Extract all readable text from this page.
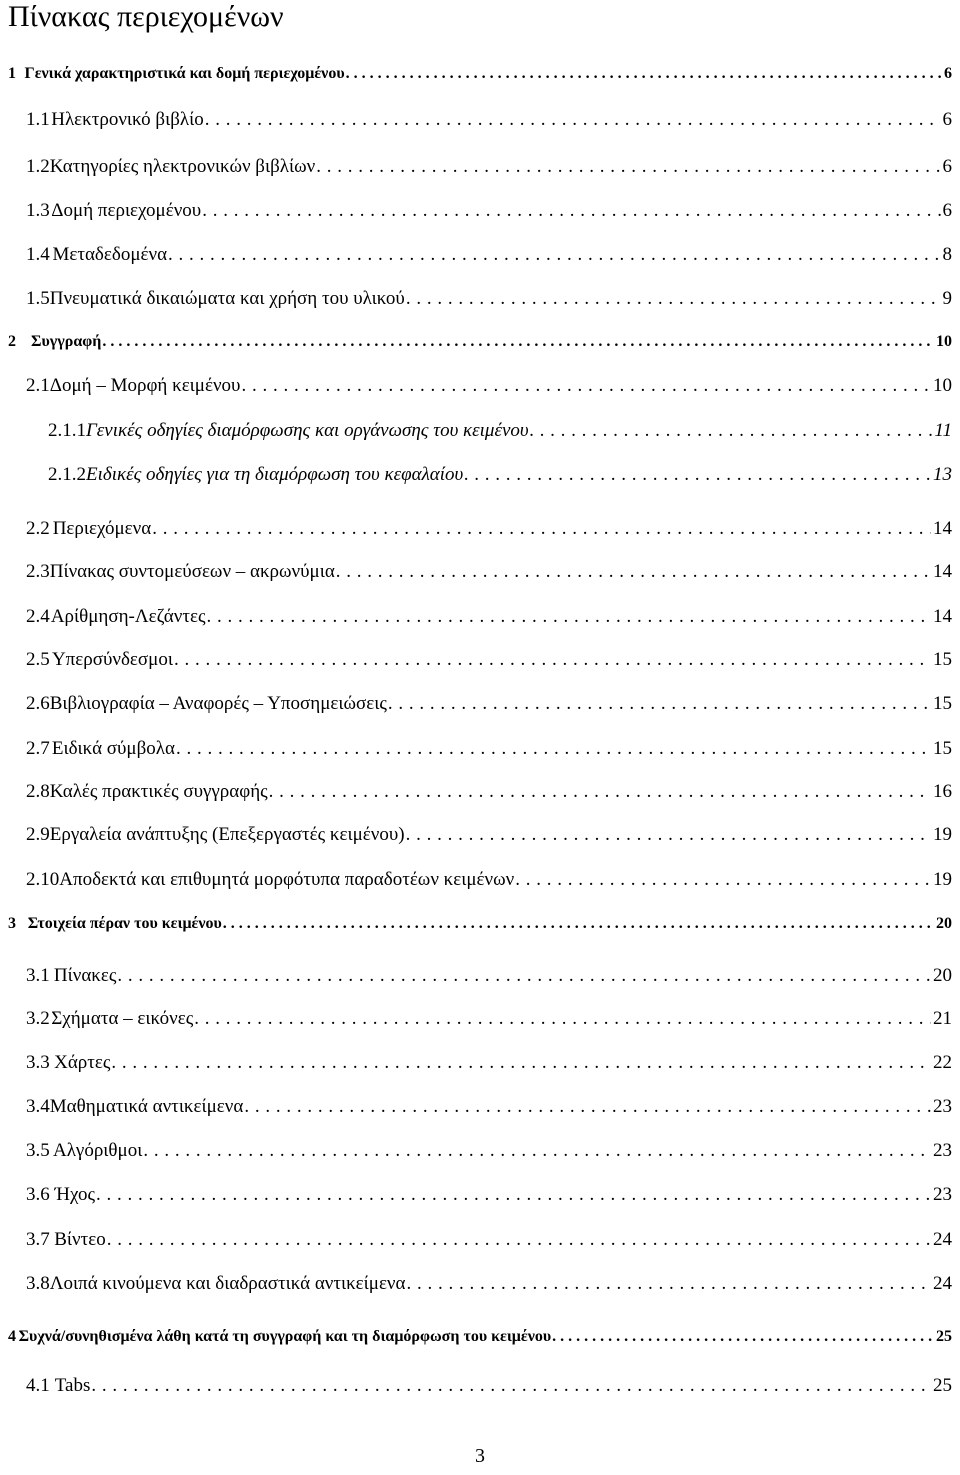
Πίνακας περιεχομένων
1 Γενικά χαρακτηριστικά και δομή περιεχομένου . . .	6
1.1 Ηλεκτρονικό βιβλίο . . .	6
1.2 Κατηγορίες ηλεκτρονικών βιβλίων . . .	6
1.3 Δομή περιεχομένου . . .	6
1.4 Μεταδεδομένα . . .	8
1.5 Πνευματικά δικαιώματα και χρήση του υλικού . . .	9
2 Συγγραφή . . .	10
2.1 Δομή – Μορφή κειμένου . . .	10
2.1.1 Γενικές οδηγίες διαμόρφωσης και οργάνωσης του κειμένου . . .	11
2.1.2 Ειδικές οδηγίες για τη διαμόρφωση του κεφαλαίου . . .	13
2.2 Περιεχόμενα . . .	14
2.3 Πίνακας συντομεύσεων – ακρωνύμια . . .	14
2.4 Αρίθμηση-Λεζάντες . . .	14
2.5 Υπερσύνδεσμοι . . .	15
2.6 Βιβλιογραφία – Αναφορές – Υποσημειώσεις . . .	15
2.7 Ειδικά σύμβολα . . .	15
2.8 Καλές πρακτικές συγγραφής . . .	16
2.9 Εργαλεία ανάπτυξης (Επεξεργαστές κειμένου) . . .	19
2.10 Αποδεκτά και επιθυμητά μορφότυπα παραδοτέων κειμένων . . .	19
3 Στοιχεία πέραν του κειμένου . . .	20
3.1 Πίνακες . . .	20
3.2 Σχήματα – εικόνες . . .	21
3.3 Χάρτες . . .	22
3.4 Μαθηματικά αντικείμενα . . .	23
3.5 Αλγόριθμοι . . .	23
3.6 Ήχος . . .	23
3.7 Βίντεο . . .	24
3.8 Λοιπά κινούμενα και διαδραστικά αντικείμενα . . .	24
4 Συχνά/συνηθισμένα λάθη κατά τη συγγραφή και τη διαμόρφωση του κειμένου . . .	25
4.1 Tabs . . .	25
3
